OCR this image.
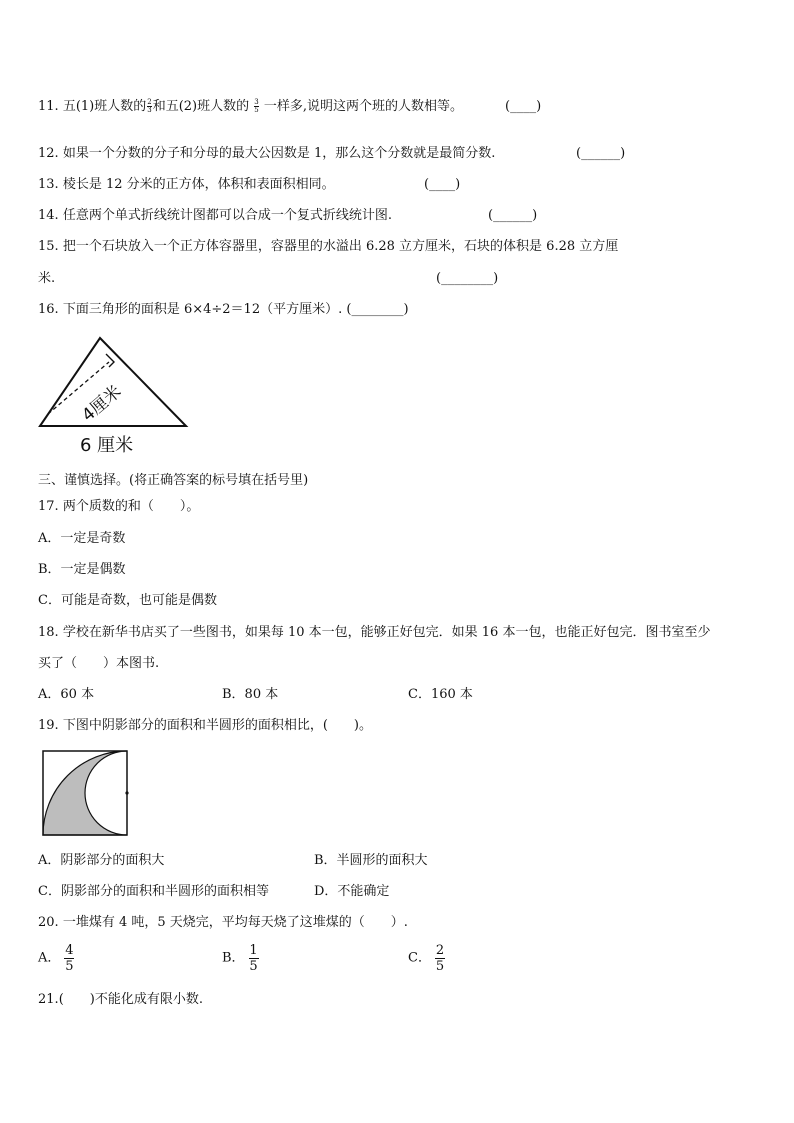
11. 五(1)班人数的 $\frac{2}{3}$ 和五(2)班人数的 $\frac{3}{5}$ 一样多,说明这两个班的人数相等。	(____)
12. 如果一个分数的分子和分母的最大公因数是 1，那么这个分数就是最简分数.	(______)
13. 棱长是 12 分米的正方体，体积和表面积相同。	(____)
14. 任意两个单式折线统计图都可以合成一个复式折线统计图.	(______)
15. 把一个石块放入一个正方体容器里，容器里的水溢出 6.28 立方厘米，石块的体积是 6.28 立方厘
米.	(________)
16. 下面三角形的面积是 6×4÷2＝12（平方厘米）. (________)
4厘米
6 厘米
三、谨慎选择。(将正确答案的标号填在括号里)
17. 两个质数的和（　　）。
A．一定是奇数
B．一定是偶数
C．可能是奇数，也可能是偶数
18. 学校在新华书店买了一些图书，如果每 10 本一包，能够正好包完．如果 16 本一包，也能正好包完．图书室至少
买了（　　）本图书.
A．60 本	B．80 本	C．160 本
19. 下图中阴影部分的面积和半圆形的面积相比，(　　)。
A．阴影部分的面积大	B．半圆形的面积大
C．阴影部分的面积和半圆形的面积相等	D．不能确定
20. 一堆煤有 4 吨，5 天烧完，平均每天烧了这堆煤的（　　）.
A． $\frac{4}{5}$	B． $\frac{1}{5}$	C． $\frac{2}{5}$
21.(　　)不能化成有限小数.
